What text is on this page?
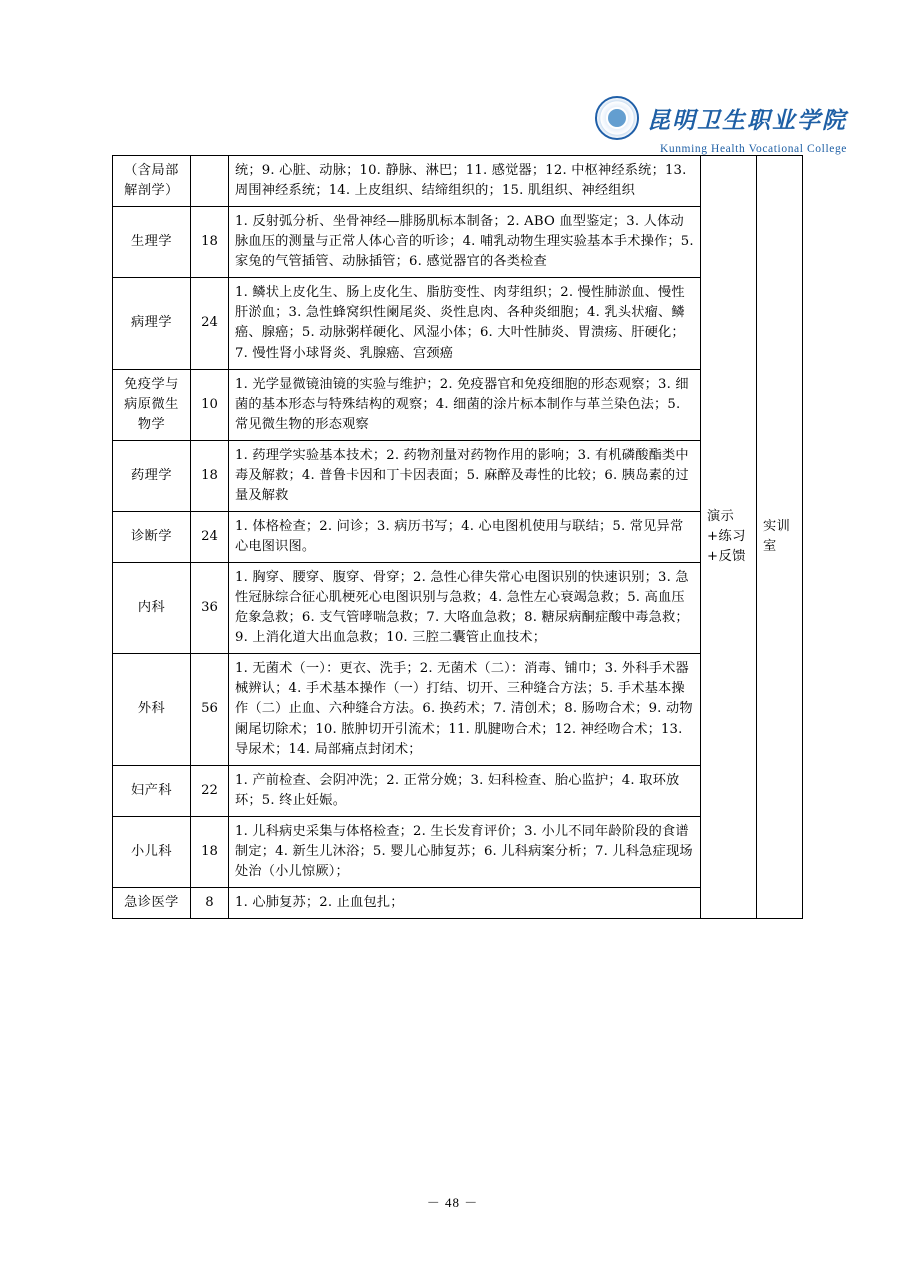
昆明卫生职业学院
Kunming Health Vocational College
（含局部解剖学）		统；9. 心脏、动脉；10. 静脉、淋巴；11. 感觉器；12. 中枢神经系统；13. 周围神经系统；14. 上皮组织、结缔组织的；15. 肌组织、神经组织	演示+练习+反馈	实训室
生理学	18	1. 反射弧分析、坐骨神经—腓肠肌标本制备；2. ABO 血型鉴定；3. 人体动脉血压的测量与正常人体心音的听诊；4. 哺乳动物生理实验基本手术操作；5. 家兔的气管插管、动脉插管；6. 感觉器官的各类检查		
病理学	24	1. 鳞状上皮化生、肠上皮化生、脂肪变性、肉芽组织；2. 慢性肺淤血、慢性肝淤血；3. 急性蜂窝织性阑尾炎、炎性息肉、各种炎细胞；4. 乳头状瘤、鳞癌、腺癌；5. 动脉粥样硬化、风湿小体；6. 大叶性肺炎、胃溃疡、肝硬化；7. 慢性肾小球肾炎、乳腺癌、宫颈癌		
免疫学与病原微生物学	10	1. 光学显微镜油镜的实验与维护；2. 免疫器官和免疫细胞的形态观察；3. 细菌的基本形态与特殊结构的观察；4. 细菌的涂片标本制作与革兰染色法；5. 常见微生物的形态观察		
药理学	18	1. 药理学实验基本技术；2. 药物剂量对药物作用的影响；3. 有机磷酸酯类中毒及解救；4. 普鲁卡因和丁卡因表面；5. 麻醉及毒性的比较；6. 胰岛素的过量及解救		
诊断学	24	1. 体格检查；2. 问诊；3. 病历书写；4. 心电图机使用与联结；5. 常见异常心电图识图。		
内科	36	1. 胸穿、腰穿、腹穿、骨穿；2. 急性心律失常心电图识别的快速识别；3. 急性冠脉综合征心肌梗死心电图识别与急救；4. 急性左心衰竭急救；5. 高血压危象急救；6. 支气管哮喘急救；7. 大咯血急救；8. 糖尿病酮症酸中毒急救；9. 上消化道大出血急救；10. 三腔二囊管止血技术；		
外科	56	1. 无菌术（一）：更衣、洗手；2. 无菌术（二）：消毒、铺巾；3. 外科手术器械辨认；4. 手术基本操作（一）打结、切开、三种缝合方法；5. 手术基本操作（二）止血、六种缝合方法。6. 换药术；7. 清创术；8. 肠吻合术；9. 动物阑尾切除术；10. 脓肿切开引流术；11. 肌腱吻合术；12. 神经吻合术；13. 导尿术；14. 局部痛点封闭术；		
妇产科	22	1. 产前检查、会阴冲洗；2. 正常分娩；3. 妇科检查、胎心监护；4. 取环放环；5. 终止妊娠。		
小儿科	18	1. 儿科病史采集与体格检查；2. 生长发育评价；3. 小儿不同年龄阶段的食谱制定；4. 新生儿沐浴；5. 婴儿心肺复苏；6. 儿科病案分析；7. 儿科急症现场处治（小儿惊厥）；		
急诊医学	8	1. 心肺复苏；2. 止血包扎；		
－ 48 －
